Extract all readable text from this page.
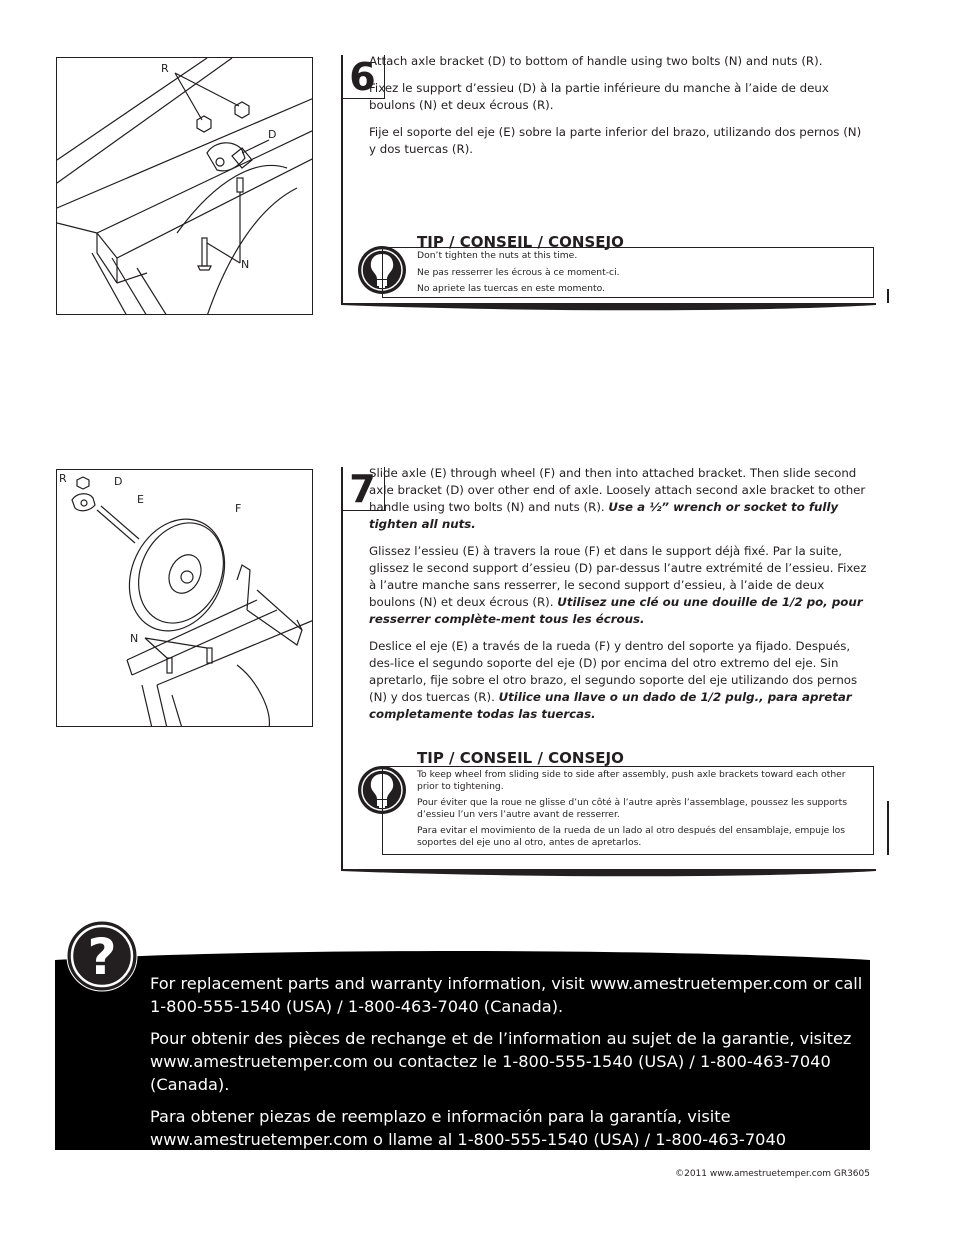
R
D
N
6

Attach axle bracket (D) to bottom of handle using two bolts (N) and nuts (R).

Fixez le support d’essieu (D) à la partie inférieure du manche à l’aide de deux boulons (N) et deux écrous (R).

Fije el soporte del eje (E) sobre la parte inferior del brazo, utilizando dos pernos (N) y dos tuercas (R).

TIP / CONSEIL / CONSEJO

Don’t tighten the nuts at this time.

Ne pas resserrer les écrous à ce moment-ci.

No apriete las tuercas en este momento.

R	D
E
F
N
7

Slide axle (E) through wheel (F) and then into attached bracket. Then slide second axle bracket (D) over other end of axle. Loosely attach second axle bracket to other handle using two bolts (N) and nuts (R). Use a ½” wrench or socket to fully tighten all nuts.

Glissez l’essieu (E) à travers la roue (F) et dans le support déjà fixé. Par la suite, glissez le second support d’essieu (D) par-dessus l’autre extrémité de l’essieu. Fixez à l’autre manche sans resserrer, le second support d’essieu, à l’aide de deux boulons (N) et deux écrous (R). Utilisez une clé ou une douille de 1/2 po, pour resserrer complète-ment tous les écrous.

Deslice el eje (E) a través de la rueda (F) y dentro del soporte ya fijado. Después, des-lice el segundo soporte del eje (D) por encima del otro extremo del eje. Sin apretarlo, fije sobre el otro brazo, el segundo soporte del eje utilizando dos pernos (N) y dos tuercas (R). Utilice una llave o un dado de 1/2 pulg., para apretar completamente todas las tuercas.

TIP / CONSEIL / CONSEJO

To keep wheel from sliding side to side after assembly, push axle brackets toward each other prior to tightening.

Pour éviter que la roue ne glisse d’un côté à l’autre après l’assemblage, poussez les supports d’essieu l’un vers l’autre avant de resserrer.

Para evitar el movimiento de la rueda de un lado al otro después del ensamblaje, empuje los soportes del eje uno al otro, antes de apretarlos.

? For replacement parts and warranty information, visit www.amestruetemper.com or call 1-800-555-1540 (USA) / 1-800-463-7040 (Canada).

Pour obtenir des pièces de rechange et de l’information au sujet de la garantie, visitez www.amestruetemper.com ou contactez le 1-800-555-1540 (USA) / 1-800-463-7040 (Canada).

Para obtener piezas de reemplazo e información para la garantía, visite www.amestruetemper.com o llame al 1-800-555-1540 (USA) / 1-800-463-7040 (Canada).

©2011 www.amestruetemper.com GR3605
